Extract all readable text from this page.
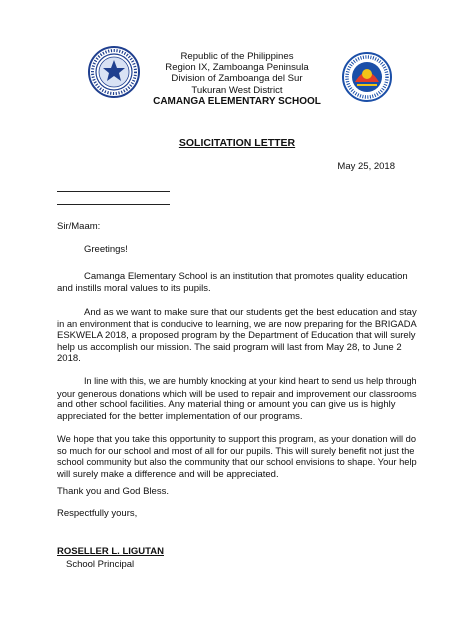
Republic of the Philippines
Region IX, Zamboanga Peninsula
Division of Zamboanga del Sur
Tukuran West District
CAMANGA ELEMENTARY SCHOOL
SOLICITATION LETTER
May 25, 2018
Sir/Maam:
Greetings!
Camanga Elementary School is an institution that promotes quality education
and instills moral values to its pupils.
And as we want to make sure that our students get the best education and stay
in an environment that is conducive to learning, we are now preparing for the BRIGADA
ESKWELA 2018, a proposed program by the Department of Education that will surely
help us accomplish our mission. The said program will last from May 28, to June 2
2018.
In line with this, we are humbly knocking at your kind heart to send us help through
your generous donations which will be used to repair and improvement our classrooms
and other school facilities. Any material thing or amount you can give us is highly
appreciated for the better implementation of our programs.
We hope that you take this opportunity to support this program, as your donation will do
so much for our school and most of all for our pupils. This will surely benefit not just the
school community but also the community that our school envisions to shape. Your help
will surely make a difference and will be appreciated.
Thank you and God Bless.
Respectfully yours,
ROSELLER L. LIGUTAN
School Principal
